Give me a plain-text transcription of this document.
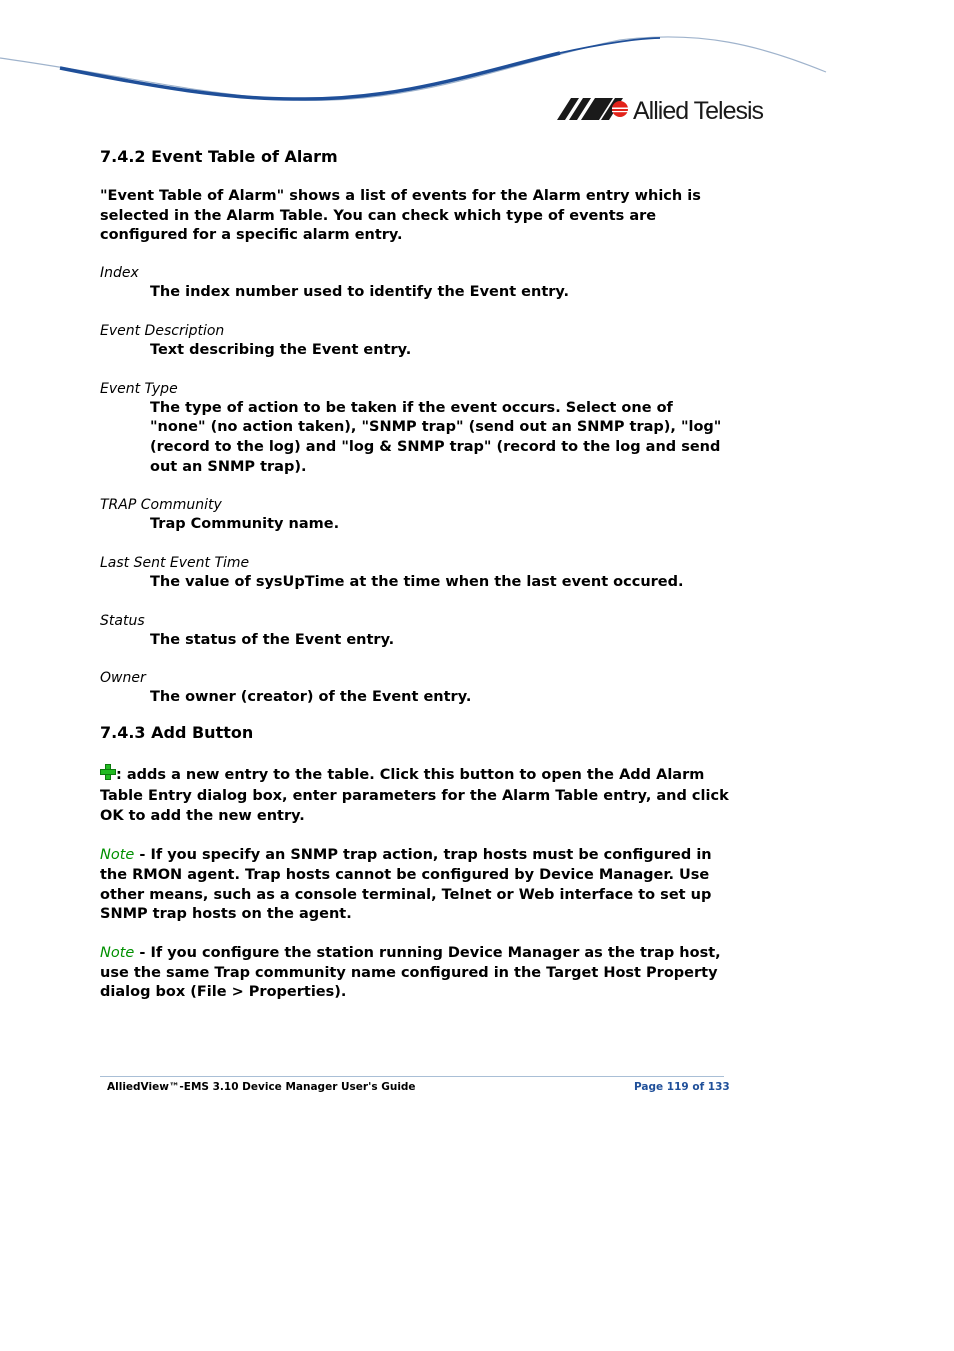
Allied Telesis
7.4.2 Event Table of Alarm

"Event Table of Alarm" shows a list of events for the Alarm entry which is selected in the Alarm Table. You can check which type of events are configured for a specific alarm entry.

Index

The index number used to identify the Event entry.

Event Description

Text describing the Event entry.

Event Type

The type of action to be taken if the event occurs. Select one of "none" (no action taken), "SNMP trap" (send out an SNMP trap), "log" (record to the log) and "log & SNMP trap" (record to the log and send out an SNMP trap).

TRAP Community

Trap Community name.

Last Sent Event Time

The value of sysUpTime at the time when the last event occured.

Status

The status of the Event entry.

Owner

The owner (creator) of the Event entry.

7.4.3 Add Button

: adds a new entry to the table. Click this button to open the Add Alarm Table Entry dialog box, enter parameters for the Alarm Table entry, and click OK to add the new entry.

Note - If you specify an SNMP trap action, trap hosts must be configured in the RMON agent. Trap hosts cannot be configured by Device Manager. Use other means, such as a console terminal, Telnet or Web interface to set up SNMP trap hosts on the agent.

Note - If you configure the station running Device Manager as the trap host, use the same Trap community name configured in the Target Host Property dialog box (File > Properties).

AlliedView™-EMS 3.10 Device Manager User's Guide	Page 119 of 133
